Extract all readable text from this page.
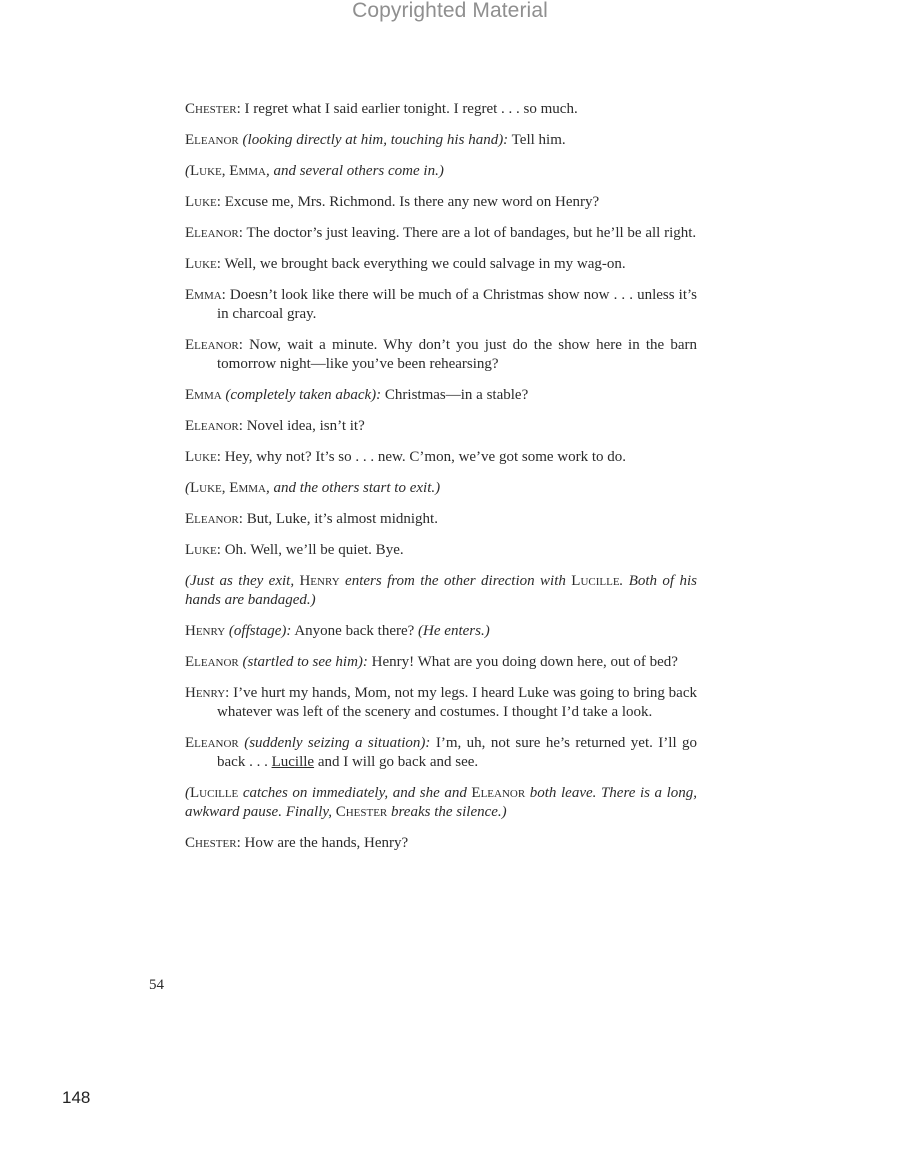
Copyrighted Material

Chester: I regret what I said earlier tonight. I regret . . . so much.

Eleanor (looking directly at him, touching his hand): Tell him.

(Luke, Emma, and several others come in.)

Luke: Excuse me, Mrs. Richmond. Is there any new word on Henry?

Eleanor: The doctor’s just leaving. There are a lot of bandages, but he’ll be all right.

Luke: Well, we brought back everything we could salvage in my wag-on.

Emma: Doesn’t look like there will be much of a Christmas show now . . . unless it’s in charcoal gray.

Eleanor: Now, wait a minute. Why don’t you just do the show here in the barn tomorrow night—like you’ve been rehearsing?

Emma (completely taken aback): Christmas—in a stable?

Eleanor: Novel idea, isn’t it?

Luke: Hey, why not? It’s so . . . new. C’mon, we’ve got some work to do.

(Luke, Emma, and the others start to exit.)

Eleanor: But, Luke, it’s almost midnight.

Luke: Oh. Well, we’ll be quiet. Bye.

(Just as they exit, Henry enters from the other direction with Lucille. Both of his hands are bandaged.)

Henry (offstage): Anyone back there? (He enters.)

Eleanor (startled to see him): Henry! What are you doing down here, out of bed?

Henry: I’ve hurt my hands, Mom, not my legs. I heard Luke was going to bring back whatever was left of the scenery and costumes. I thought I’d take a look.

Eleanor (suddenly seizing a situation): I’m, uh, not sure he’s returned yet. I’ll go back . . . Lucille and I will go back and see.

(Lucille catches on immediately, and she and Eleanor both leave. There is a long, awkward pause. Finally, Chester breaks the silence.)

Chester: How are the hands, Henry?

54
148
